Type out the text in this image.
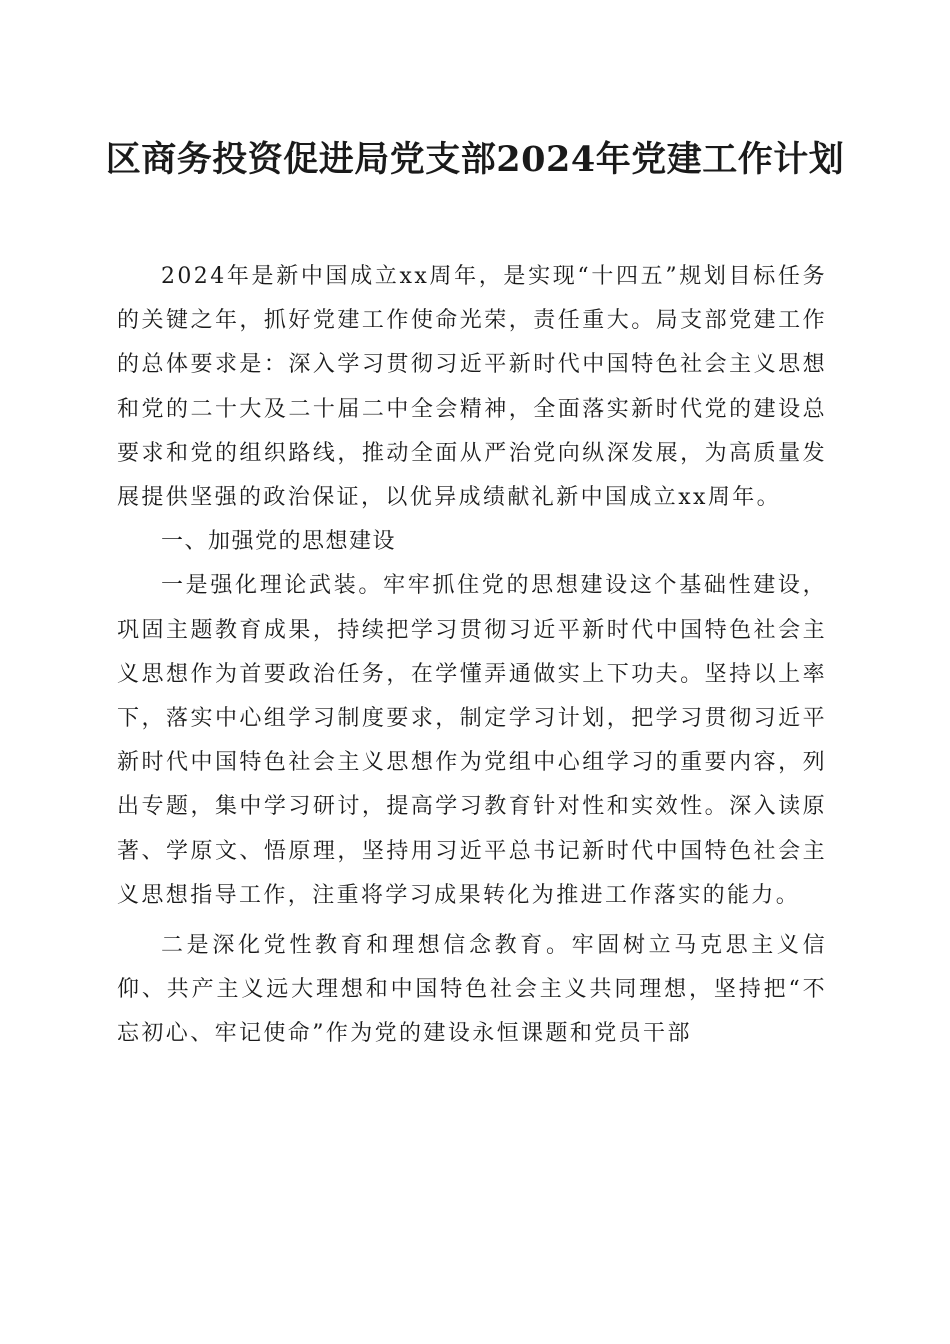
区商务投资促进局党支部2024年党建工作计划

2024年是新中国成立xx周年，是实现“十四五”规划目标任务的关键之年，抓好党建工作使命光荣，责任重大。局支部党建工作的总体要求是：深入学习贯彻习近平新时代中国特色社会主义思想和党的二十大及二十届二中全会精神，全面落实新时代党的建设总要求和党的组织路线，推动全面从严治党向纵深发展，为高质量发展提供坚强的政治保证，以优异成绩献礼新中国成立xx周年。

一、加强党的思想建设

一是强化理论武装。牢牢抓住党的思想建设这个基础性建设，巩固主题教育成果，持续把学习贯彻习近平新时代中国特色社会主义思想作为首要政治任务，在学懂弄通做实上下功夫。坚持以上率下，落实中心组学习制度要求，制定学习计划，把学习贯彻习近平新时代中国特色社会主义思想作为党组中心组学习的重要内容，列出专题，集中学习研讨，提高学习教育针对性和实效性。深入读原著、学原文、悟原理，坚持用习近平总书记新时代中国特色社会主义思想指导工作，注重将学习成果转化为推进工作落实的能力。

二是深化党性教育和理想信念教育。牢固树立马克思主义信仰、共产主义远大理想和中国特色社会主义共同理想，坚持把“不忘初心、牢记使命”作为党的建设永恒课题和党员干部
